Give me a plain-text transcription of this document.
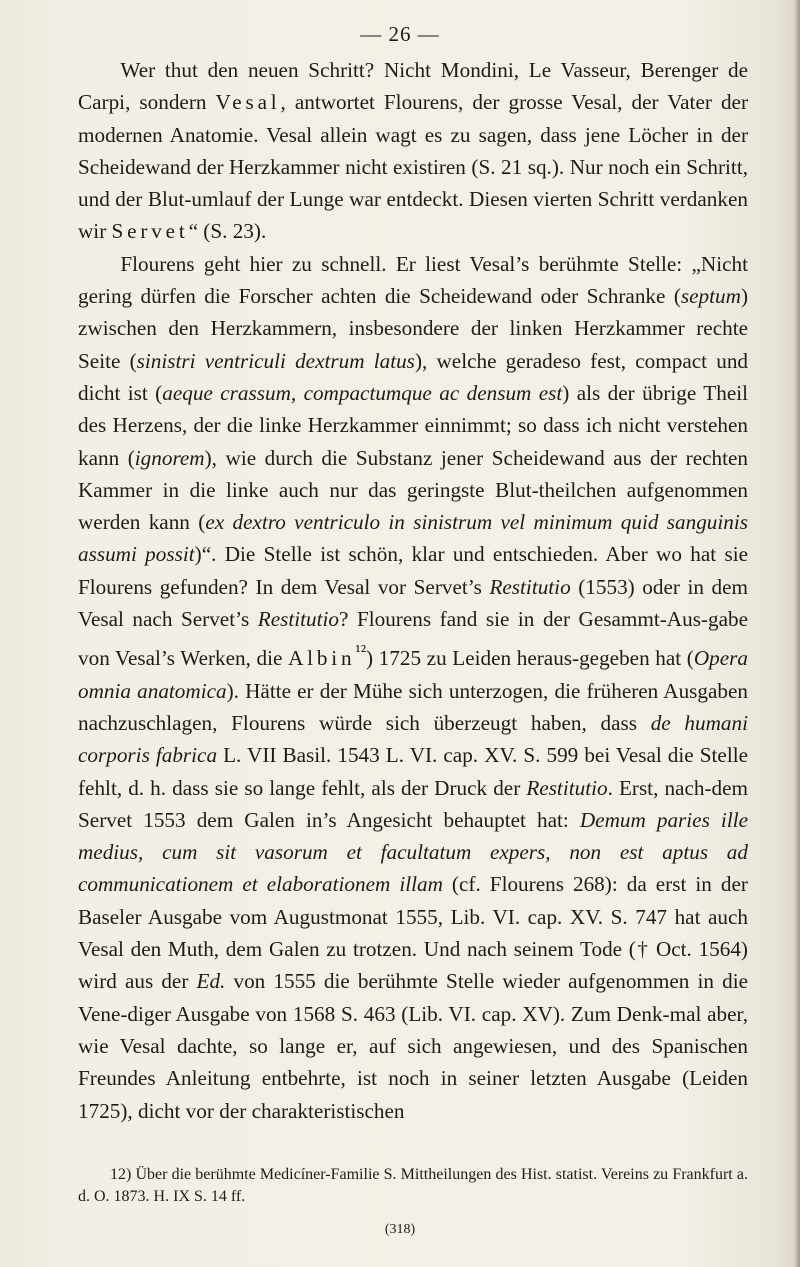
— 26 —

Wer thut den neuen Schritt? Nicht Mondini, Le Vasseur, Berenger de Carpi, sondern Vesal, antwortet Flourens, der grosse Vesal, der Vater der modernen Anatomie. Vesal allein wagt es zu sagen, dass jene Löcher in der Scheidewand der Herzkammer nicht existiren (S. 21 sq.). Nur noch ein Schritt, und der Blut-umlauf der Lunge war entdeckt. Diesen vierten Schritt verdanken wir Servet“ (S. 23).

Flourens geht hier zu schnell. Er liest Vesal’s berühmte Stelle: „Nicht gering dürfen die Forscher achten die Scheidewand oder Schranke (septum) zwischen den Herzkammern, insbesondere der linken Herzkammer rechte Seite (sinistri ventriculi dextrum latus), welche geradeso fest, compact und dicht ist (aeque crassum, compactumque ac densum est) als der übrige Theil des Herzens, der die linke Herzkammer einnimmt; so dass ich nicht verstehen kann (ignorem), wie durch die Substanz jener Scheidewand aus der rechten Kammer in die linke auch nur das geringste Blut-theilchen aufgenommen werden kann (ex dextro ventriculo in sinistrum vel minimum quid sanguinis assumi possit)“. Die Stelle ist schön, klar und entschieden. Aber wo hat sie Flourens gefunden? In dem Vesal vor Servet’s Restitutio (1553) oder in dem Vesal nach Servet’s Restitutio? Flourens fand sie in der Gesammt-Aus-gabe von Vesal’s Werken, die Albin$^{^{12}}$) 1725 zu Leiden heraus-gegeben hat (Opera omnia anatomica). Hätte er der Mühe sich unterzogen, die früheren Ausgaben nachzuschlagen, Flourens würde sich überzeugt haben, dass de humani corporis fabrica L. VII Basil. 1543 L. VI. cap. XV. S. 599 bei Vesal die Stelle fehlt, d. h. dass sie so lange fehlt, als der Druck der Restitutio. Erst, nach-dem Servet 1553 dem Galen in’s Angesicht behauptet hat: Demum paries ille medius, cum sit vasorum et facultatum expers, non est aptus ad communicationem et elaborationem illam (cf. Flourens 268): da erst in der Baseler Ausgabe vom Augustmonat 1555, Lib. VI. cap. XV. S. 747 hat auch Vesal den Muth, dem Galen zu trotzen. Und nach seinem Tode († Oct. 1564) wird aus der Ed. von 1555 die berühmte Stelle wieder aufgenommen in die Vene-diger Ausgabe von 1568 S. 463 (Lib. VI. cap. XV). Zum Denk-mal aber, wie Vesal dachte, so lange er, auf sich angewiesen, und des Spanischen Freundes Anleitung entbehrte, ist noch in seiner letzten Ausgabe (Leiden 1725), dicht vor der charakteristischen

12) Über die berühmte Medicíner-Familie S. Mittheilungen des Hist. statist. Vereins zu Frankfurt a. d. O. 1873. H. IX S. 14 ff.

(318)
